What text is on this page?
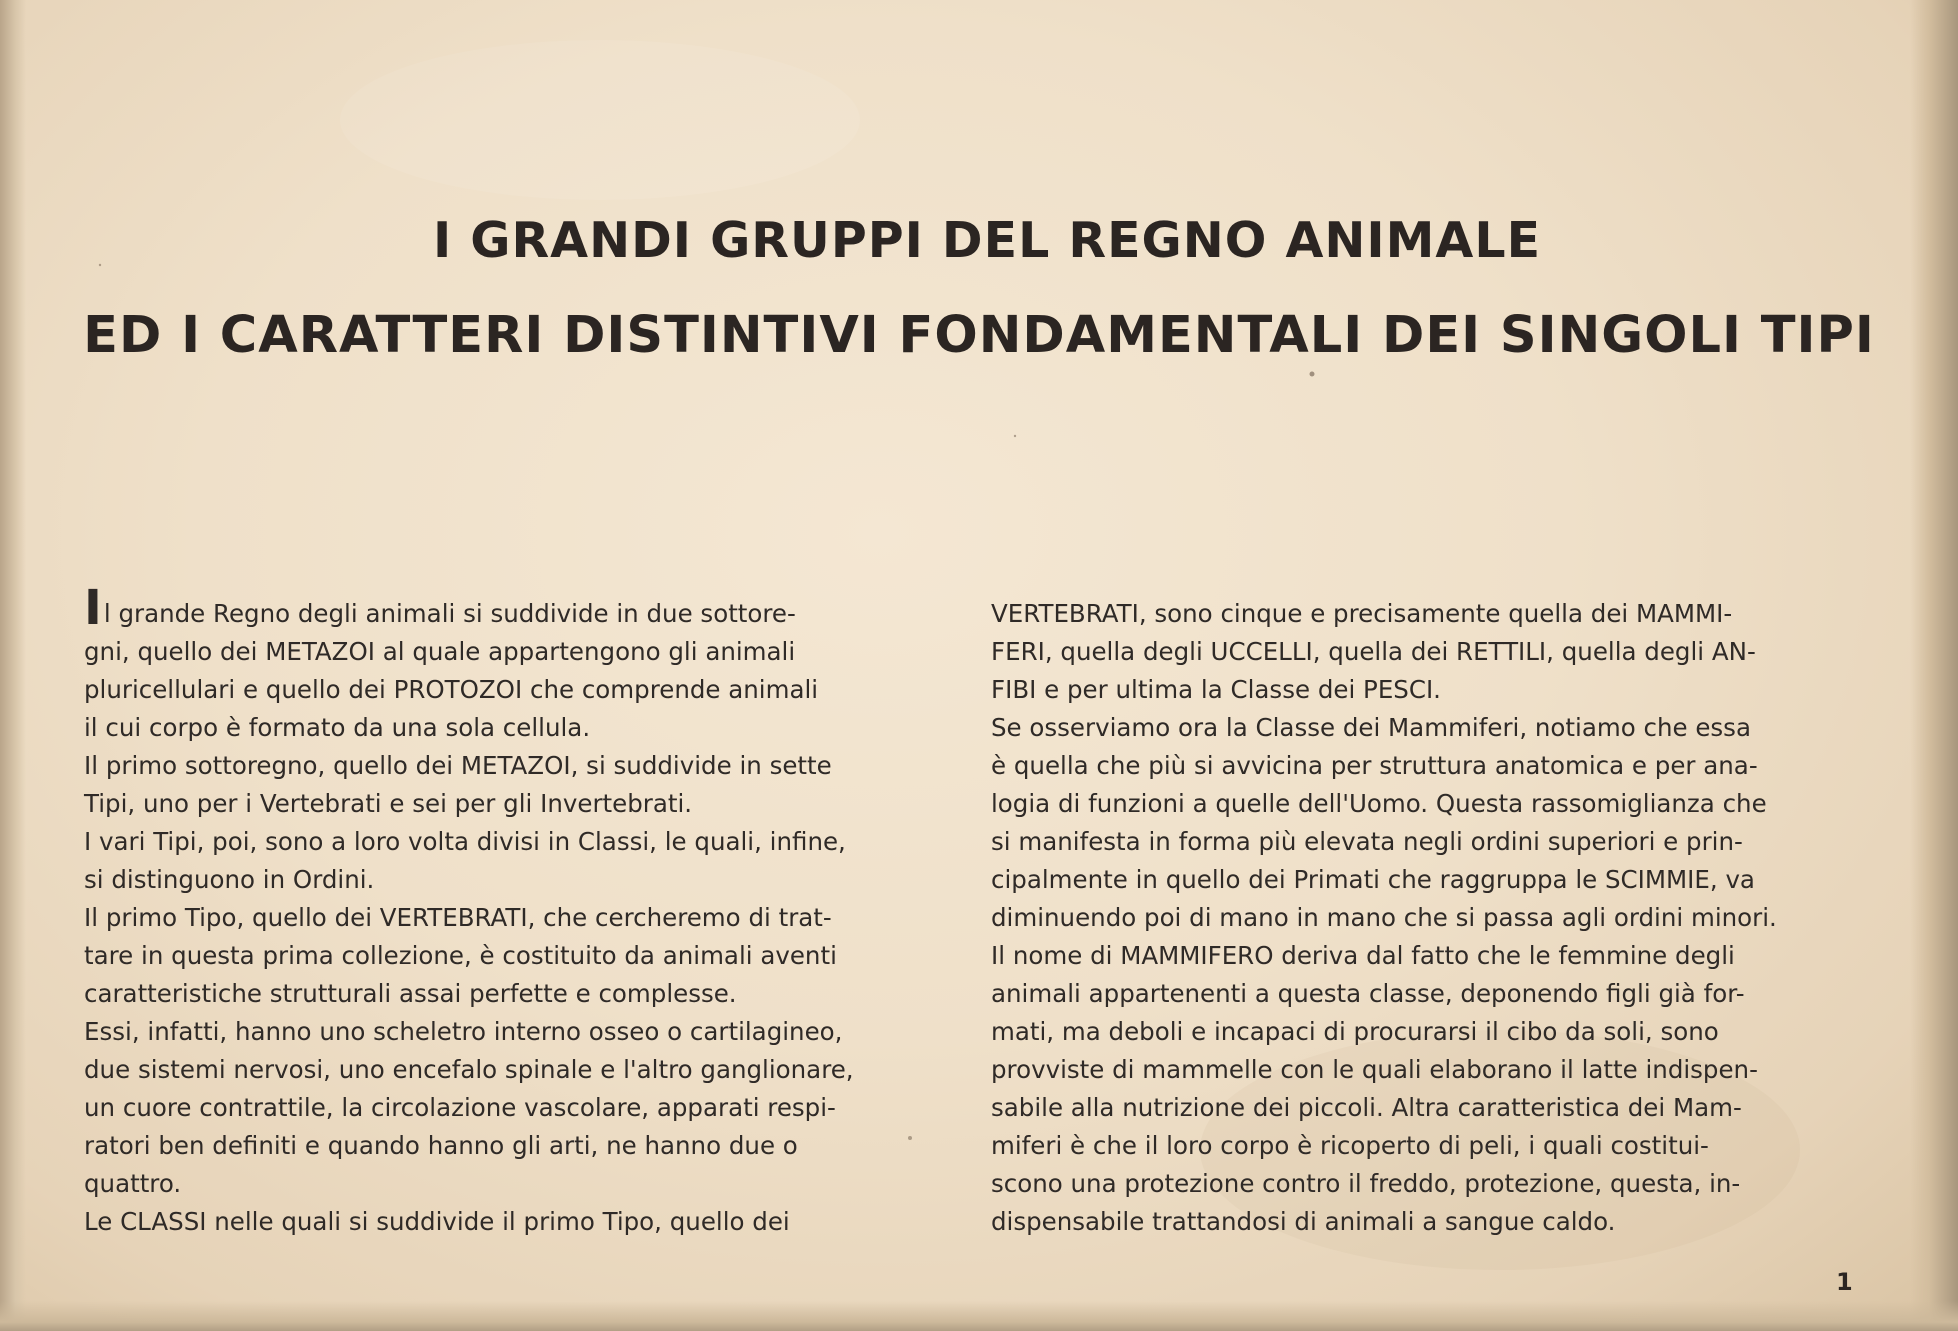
I GRANDI GRUPPI DEL REGNO ANIMALE
ED I CARATTERI DISTINTIVI FONDAMENTALI DEI SINGOLI TIPI
Il grande Regno degli animali si suddivide in due sottore-
gni, quello dei METAZOI al quale appartengono gli animali
pluricellulari e quello dei PROTOZOI che comprende animali
il cui corpo è formato da una sola cellula.
Il primo sottoregno, quello dei METAZOI, si suddivide in sette
Tipi, uno per i Vertebrati e sei per gli Invertebrati.
I vari Tipi, poi, sono a loro volta divisi in Classi, le quali, infine,
si distinguono in Ordini.
Il primo Tipo, quello dei VERTEBRATI, che cercheremo di trat-
tare in questa prima collezione, è costituito da animali aventi
caratteristiche strutturali assai perfette e complesse.
Essi, infatti, hanno uno scheletro interno osseo o cartilagineo,
due sistemi nervosi, uno encefalo spinale e l'altro ganglionare,
un cuore contrattile, la circolazione vascolare, apparati respi-
ratori ben definiti e quando hanno gli arti, ne hanno due o
quattro.
Le CLASSI nelle quali si suddivide il primo Tipo, quello dei
VERTEBRATI, sono cinque e precisamente quella dei MAMMI-
FERI, quella degli UCCELLI, quella dei RETTILI, quella degli AN-
FIBI e per ultima la Classe dei PESCI.
Se osserviamo ora la Classe dei Mammiferi, notiamo che essa
è quella che più si avvicina per struttura anatomica e per ana-
logia di funzioni a quelle dell'Uomo. Questa rassomiglianza che
si manifesta in forma più elevata negli ordini superiori e prin-
cipalmente in quello dei Primati che raggruppa le SCIMMIE, va
diminuendo poi di mano in mano che si passa agli ordini minori.
Il nome di MAMMIFERO deriva dal fatto che le femmine degli
animali appartenenti a questa classe, deponendo figli già for-
mati, ma deboli e incapaci di procurarsi il cibo da soli, sono
provviste di mammelle con le quali elaborano il latte indispen-
sabile alla nutrizione dei piccoli. Altra caratteristica dei Mam-
miferi è che il loro corpo è ricoperto di peli, i quali costitui-
scono una protezione contro il freddo, protezione, questa, in-
dispensabile trattandosi di animali a sangue caldo.
1
